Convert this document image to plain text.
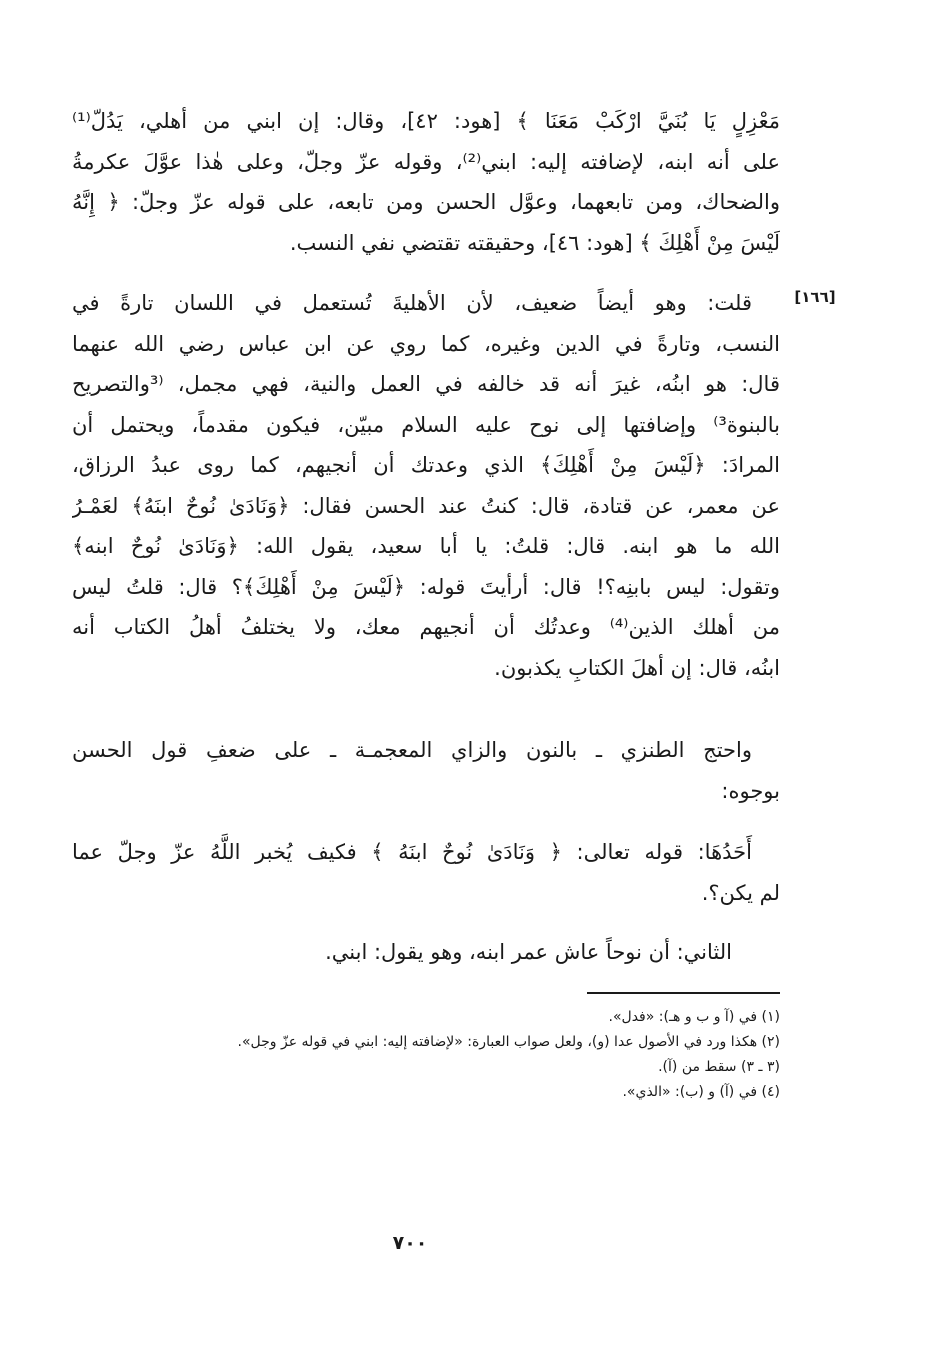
[١٦٦]
مَعْزِلٍ يَا بُنَيَّ ارْكَبْ مَعَنَا ﴾ [هود: ٤٢]، وقال: إن ابني من أهلي، يَدُلّ⁽¹⁾
على أنه ابنه، لإضافته إليه: ابني⁽²⁾، وقوله عزّ وجلّ، وعلى هٰذا عوَّلَ عكرمةُ
والضحاك، ومن تابعهما، وعوَّل الحسن ومن تابعه، على قوله عزّ وجلّ: ﴿ إِنَّهُ
لَيْسَ مِنْ أَهْلِكَ ﴾ [هود: ٤٦]، وحقيقته تقتضي نفي النسب.
قلت: وهو أيضاً ضعيف، لأن الأهليةَ تُستعمل في اللسان تارةً في
النسب، وتارةً في الدين وغيره، كما روي عن ابن عباس رضي الله عنهما
قال: هو ابنُه، غيرَ أنه قد خالفه في العمل والنية، فهي مجمل، ⁽³والتصريح
بالبنوة³⁾ وإضافتها إلى نوح عليه السلام مبيّن، فيكون مقدماً، ويحتمل أن
المرادَ: ﴿لَيْسَ مِنْ أَهْلِكَ﴾ الذي وعدتك أن أنجيهم، كما روى عبدُ الرزاق،
عن معمر، عن قتادة، قال: كنتُ عند الحسن فقال: ﴿وَنَادَىٰ نُوحٌ ابنَهُ﴾ لعَمْـرُ
الله ما هو ابنه. قال: قلتُ: يا أبا سعيد، يقول الله: ﴿وَنَادَىٰ نُوحٌ ابنه﴾
وتقول: ليس بابنِه؟! قال: أرأيتَ قوله: ﴿لَيْسَ مِنْ أَهْلِكَ﴾؟ قال: قلتُ ليس
من أهلك الذين⁽⁴⁾ وعدتُك أن أنجيهم معك، ولا يختلفُ أهلُ الكتاب أنه
ابنُه، قال: إن أهلَ الكتابِ يكذبون.
واحتج الطنزي ـ بالنون والزاي المعجمـة ـ على ضعفِ قول الحسن
بوجوه:
أَحَدُهَا: قوله تعالى: ﴿ وَنَادَىٰ نُوحٌ ابنَهُ ﴾ فكيف يُخبر اللَّهُ عزّ وجلّ عما
لم يكن؟.
الثاني: أن نوحاً عاش عمر ابنه، وهو يقول: ابني.
(١) في (آ و ب و هـ): «فدل».
(٢) هكذا ورد في الأصول عدا (و)، ولعل صواب العبارة: «لإضافته إليه: ابني في قوله عزّ وجل».
(٣ ـ ٣) سقط من (آ).
(٤) في (آ) و (ب): «الذي».
٧٠٠
